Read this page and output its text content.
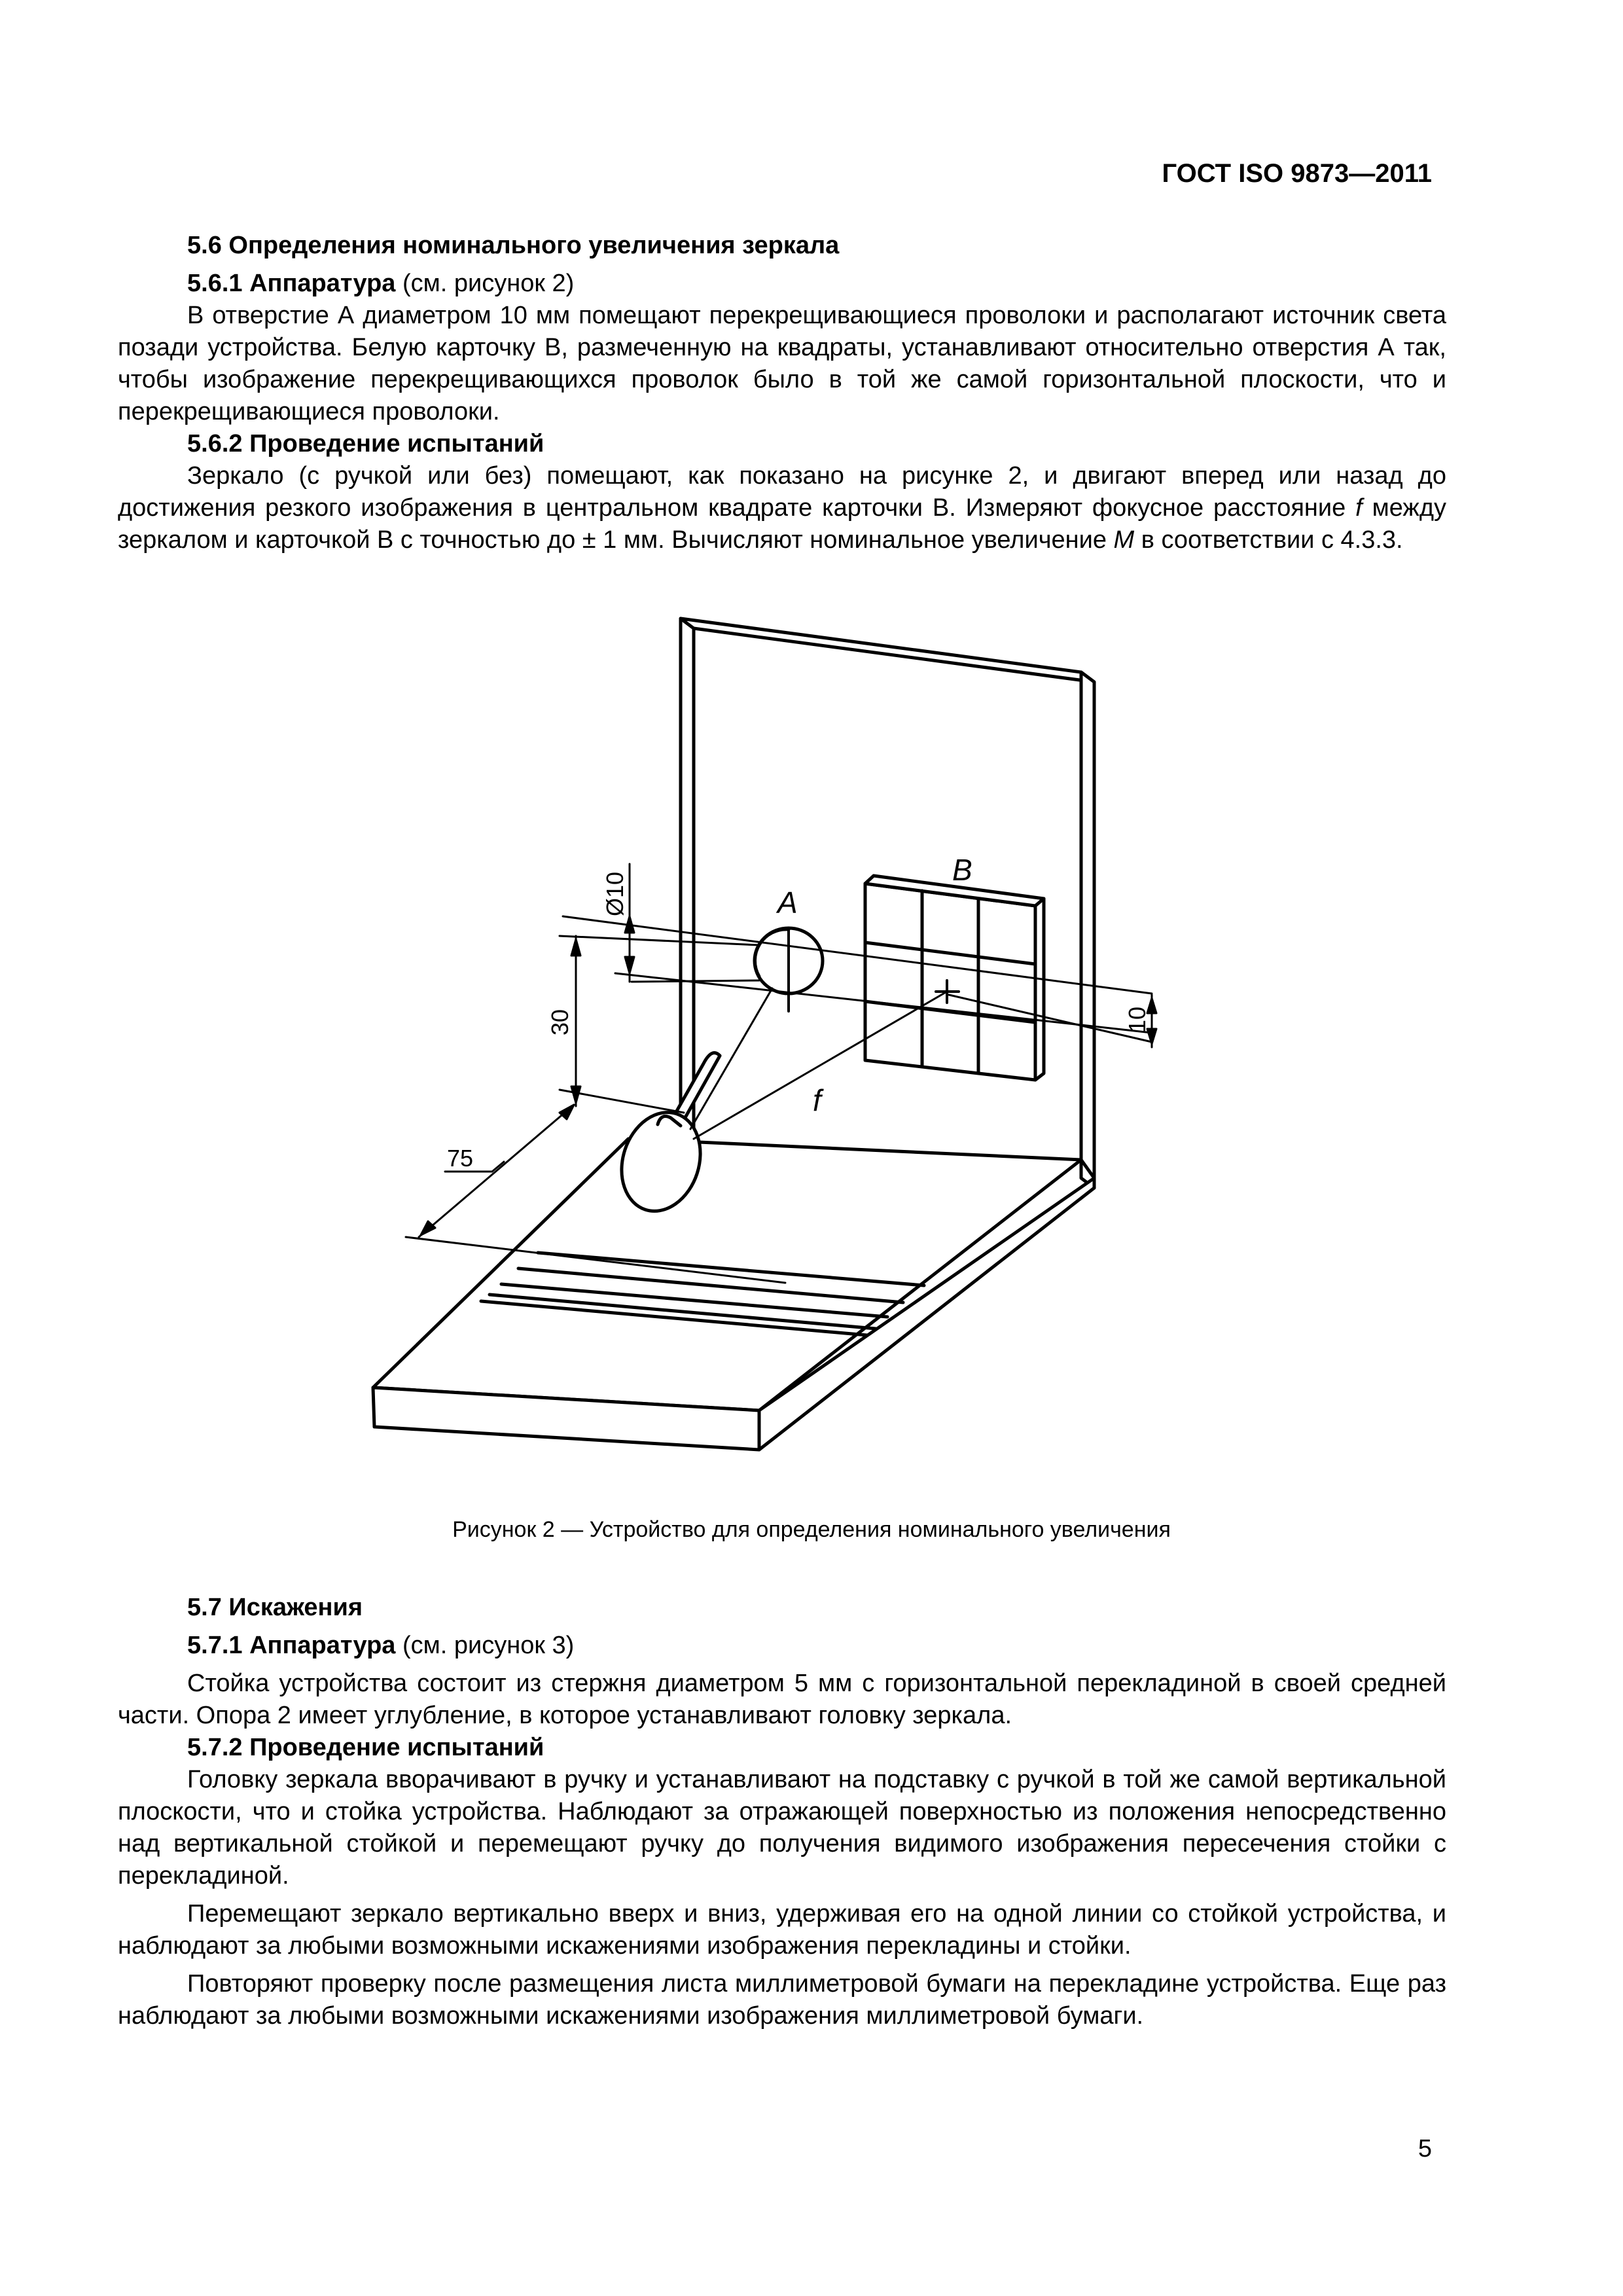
ГОСТ ISO 9873—2011

5.6 Определения номинального увеличения зеркала

5.6.1 Аппаратура (см. рисунок 2)

В отверстие А диаметром 10 мм помещают перекрещивающиеся проволоки и располагают источник света позади устройства. Белую карточку В, размеченную на квадраты, устанавливают относительно отверстия А так, чтобы изображение перекрещивающихся проволок было в той же самой горизонтальной плоскости, что и перекрещивающиеся проволоки.

5.6.2 Проведение испытаний

Зеркало (с ручкой или без) помещают, как показано на рисунке 2, и двигают вперед или назад до достижения резкого изображения в центральном квадрате карточки В. Измеряют фокусное расстояние f между зеркалом и карточкой В с точностью до ± 1 мм. Вычисляют номинальное увеличение M в соответствии с 4.3.3.

A
B
f
Ø10
30	10
75
Рисунок 2 — Устройство для определения номинального увеличения

5.7 Искажения

5.7.1 Аппаратура (см. рисунок 3)

Стойка устройства состоит из стержня диаметром 5 мм с горизонтальной перекладиной в своей средней части. Опора 2 имеет углубление, в которое устанавливают головку зеркала.

5.7.2 Проведение испытаний

Головку зеркала вворачивают в ручку и устанавливают на подставку с ручкой в той же самой вертикальной плоскости, что и стойка устройства. Наблюдают за отражающей поверхностью из положения непосредственно над вертикальной стойкой и перемещают ручку до получения видимого изображения пересечения стойки с перекладиной.

Перемещают зеркало вертикально вверх и вниз, удерживая его на одной линии со стойкой устройства, и наблюдают за любыми возможными искажениями изображения перекладины и стойки.

Повторяют проверку после размещения листа миллиметровой бумаги на перекладине устройства. Еще раз наблюдают за любыми возможными искажениями изображения миллиметровой бумаги.

5
